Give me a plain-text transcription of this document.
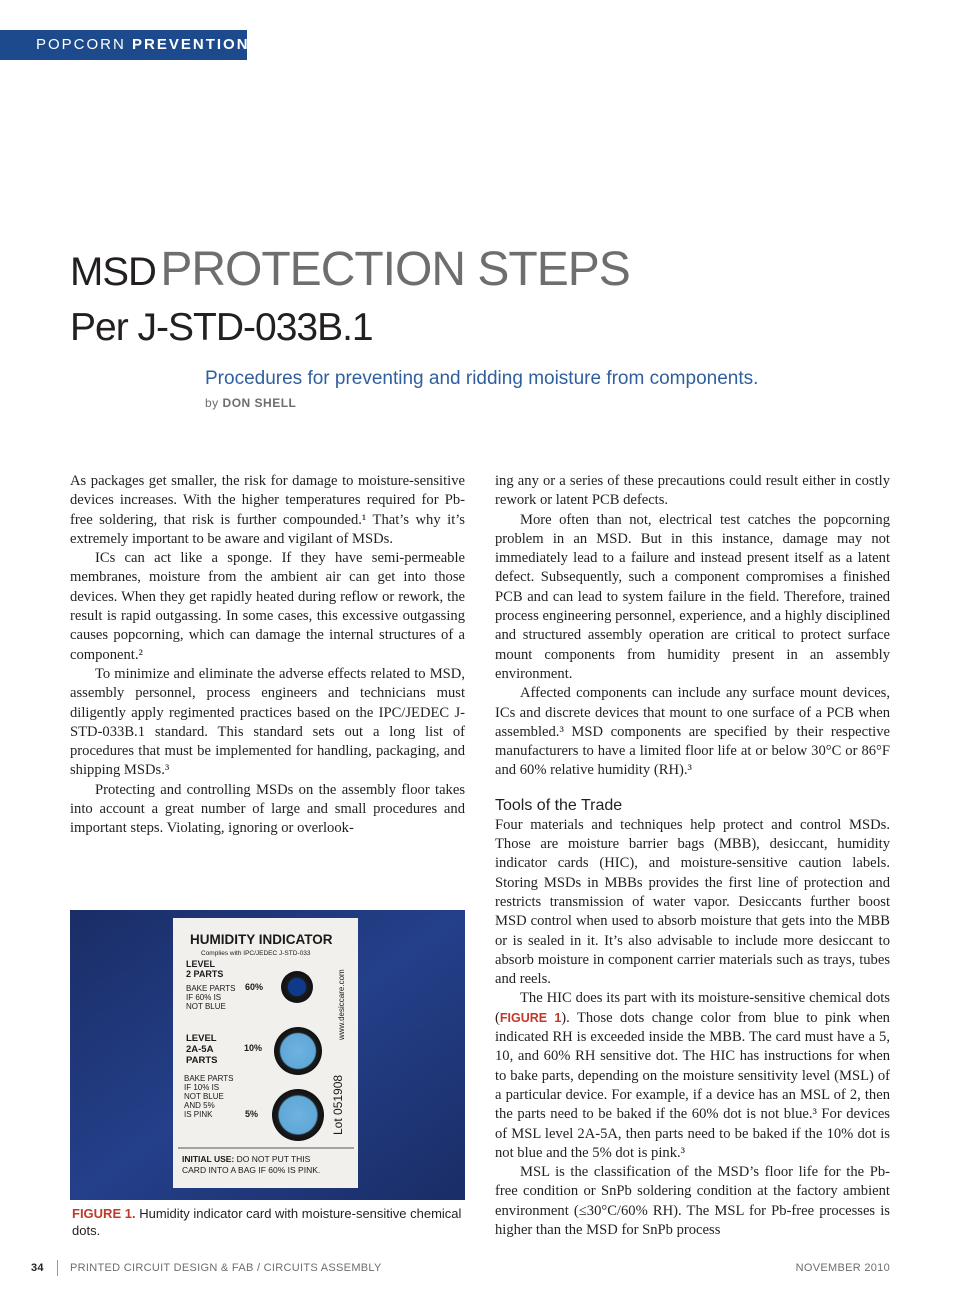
POPCORN PREVENTION
MSD PROTECTION STEPS
Per J-STD-033B.1
Procedures for preventing and ridding moisture from components.
by DON SHELL

As packages get smaller, the risk for damage to moisture-sensitive devices increases. With the higher temperatures required for Pb-free soldering, that risk is further compounded.¹ That’s why it’s extremely important to be aware and vigilant of MSDs.

ICs can act like a sponge. If they have semi-permeable membranes, moisture from the ambient air can get into those devices. When they get rapidly heated during reflow or rework, the result is rapid outgassing. In some cases, this excessive outgassing causes popcorning, which can damage the internal structures of a component.²

To minimize and eliminate the adverse effects related to MSD, assembly personnel, process engineers and technicians must diligently apply regimented practices based on the IPC/JEDEC J-STD-033B.1 standard. This standard sets out a long list of procedures that must be implemented for handling, packaging, and shipping MSDs.³

Protecting and controlling MSDs on the assembly floor takes into account a great number of large and small procedures and important steps. Violating, ignoring or overlook-

ing any or a series of these precautions could result either in costly rework or latent PCB defects.

More often than not, electrical test catches the popcorning problem in an MSD. But in this instance, damage may not immediately lead to a failure and instead present itself as a latent defect. Subsequently, such a component compromises a finished PCB and can lead to system failure in the field. Therefore, trained process engineering personnel, experience, and a highly disciplined and structured assembly operation are critical to protect surface mount components from humidity present in an assembly environment.

Affected components can include any surface mount devices, ICs and discrete devices that mount to one surface of a PCB when assembled.³ MSD components are specified by their respective manufacturers to have a limited floor life at or below 30°C or 86°F and 60% relative humidity (RH).³

Tools of the Trade

Four materials and techniques help protect and control MSDs. Those are moisture barrier bags (MBB), desiccant, humidity indicator cards (HIC), and moisture-sensitive caution labels. Storing MSDs in MBBs provides the first line of protection and restricts transmission of water vapor. Desiccants further boost MSD control when used to absorb moisture that gets into the MBB or is sealed in it. It’s also advisable to include more desiccant to absorb moisture in component carrier materials such as trays, tubes and reels.

The HIC does its part with its moisture-sensitive chemical dots (FIGURE 1). Those dots change color from blue to pink when indicated RH is exceeded inside the MBB. The card must have a 5, 10, and 60% RH sensitive dot. The HIC has instructions for when to bake parts, depending on the moisture sensitivity level (MSL) of a particular device. For example, if a device has an MSL of 2, then the parts need to be baked if the 60% dot is not blue.³ For devices of MSL level 2A-5A, then parts need to be baked if the 10% dot is not blue and the 5% dot is pink.³

MSL is the classification of the MSD’s floor life for the Pb-free condition or SnPb soldering condition at the factory ambient environment (≤30°C/60% RH). The MSL for Pb-free processes is higher than the MSD for SnPb process

HUMIDITY INDICATOR
Complies with IPC/JEDEC J-STD-033
LEVEL
2 PARTS
BAKE PARTS
IF 60% IS
NOT BLUE
60%
LEVEL
2A-5A
PARTS
10%
BAKE PARTS
IF 10% IS
NOT BLUE
AND 5%
IS PINK	5%
www.desiccare.com
Lot 051908
INITIAL USE: DO NOT PUT THIS
CARD INTO A BAG IF 60% IS PINK.
FIGURE 1. Humidity indicator card with moisture-sensitive chemical dots.
34 PRINTED CIRCUIT DESIGN & FAB / CIRCUITS ASSEMBLY	NOVEMBER 2010
